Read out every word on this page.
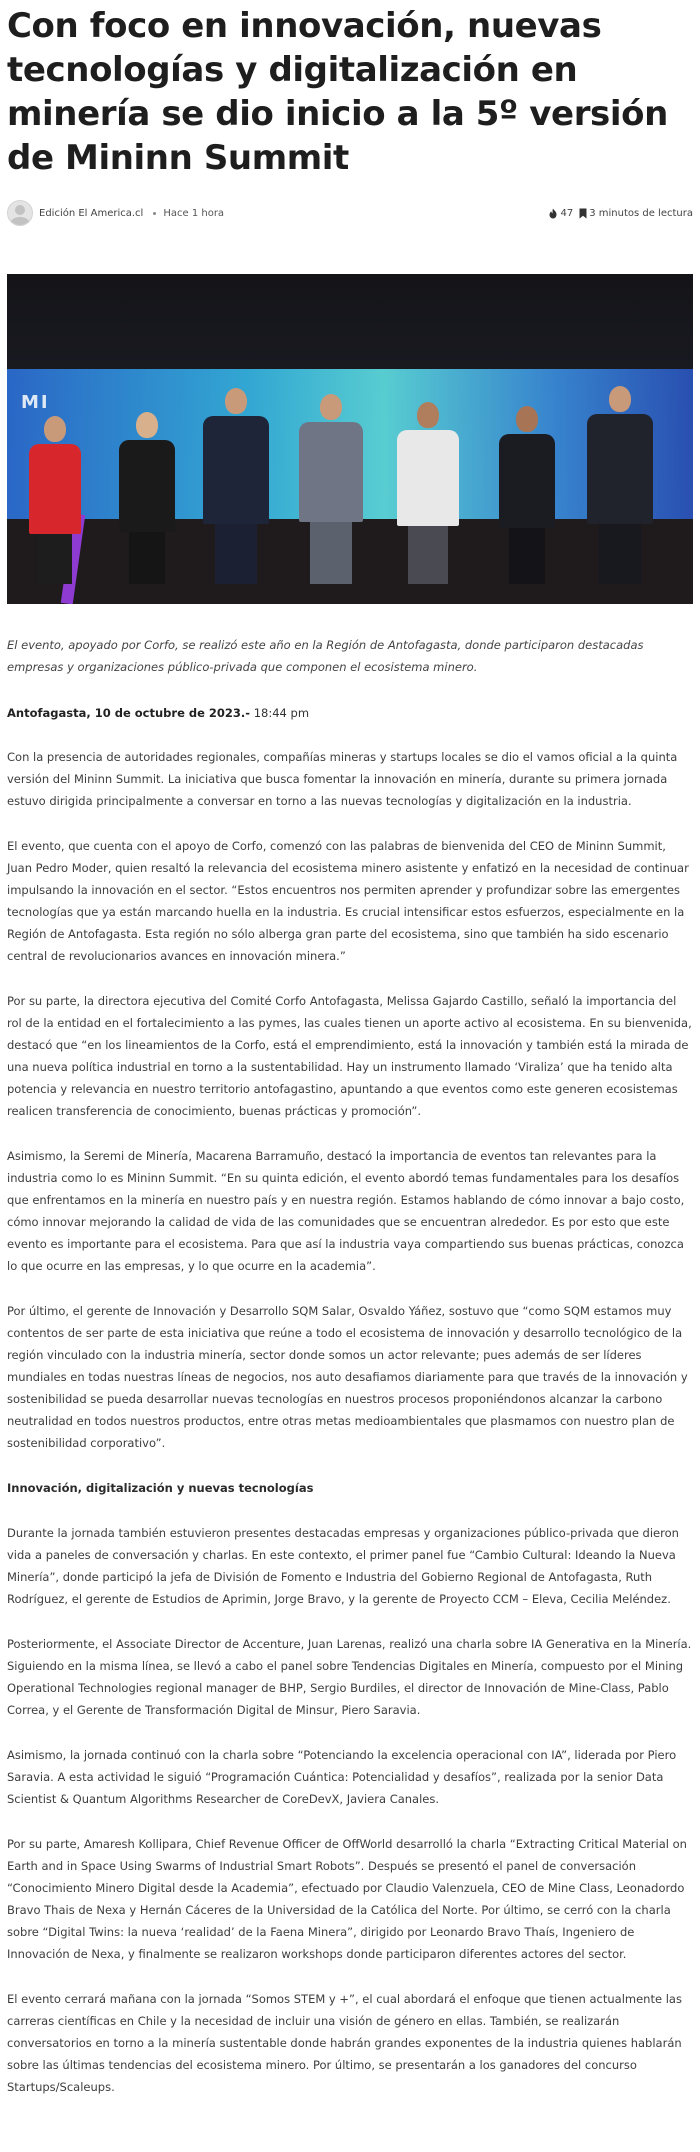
Con foco en innovación, nuevas tecnologías y digitalización en minería se dio inicio a la 5º versión de Mininn Summit
Edición El America.cl Hace 1 hora	47 3 minutos de lectura
MI

El evento, apoyado por Corfo, se realizó este año en la Región de Antofagasta, donde participaron destacadas empresas y organizaciones público-privada que componen el ecosistema minero.

Antofagasta, 10 de octubre de 2023.- 18:44 pm

Con la presencia de autoridades regionales, compañías mineras y startups locales se dio el vamos oficial a la quinta versión del Mininn Summit. La iniciativa que busca fomentar la innovación en minería, durante su primera jornada estuvo dirigida principalmente a conversar en torno a las nuevas tecnologías y digitalización en la industria.

El evento, que cuenta con el apoyo de Corfo, comenzó con las palabras de bienvenida del CEO de Mininn Summit, Juan Pedro Moder, quien resaltó la relevancia del ecosistema minero asistente y enfatizó en la necesidad de continuar impulsando la innovación en el sector. “Estos encuentros nos permiten aprender y profundizar sobre las emergentes tecnologías que ya están marcando huella en la industria. Es crucial intensificar estos esfuerzos, especialmente en la Región de Antofagasta. Esta región no sólo alberga gran parte del ecosistema, sino que también ha sido escenario central de revolucionarios avances en innovación minera.”

Por su parte, la directora ejecutiva del Comité Corfo Antofagasta, Melissa Gajardo Castillo, señaló la importancia del rol de la entidad en el fortalecimiento a las pymes, las cuales tienen un aporte activo al ecosistema. En su bienvenida, destacó que “en los lineamientos de la Corfo, está el emprendimiento, está la innovación y también está la mirada de una nueva política industrial en torno a la sustentabilidad. Hay un instrumento llamado ‘Viraliza’ que ha tenido alta potencia y relevancia en nuestro territorio antofagastino, apuntando a que eventos como este generen ecosistemas realicen transferencia de conocimiento, buenas prácticas y promoción”.

Asimismo, la Seremi de Minería, Macarena Barramuño, destacó la importancia de eventos tan relevantes para la industria como lo es Mininn Summit. “En su quinta edición, el evento abordó temas fundamentales para los desafíos que enfrentamos en la minería en nuestro país y en nuestra región. Estamos hablando de cómo innovar a bajo costo, cómo innovar mejorando la calidad de vida de las comunidades que se encuentran alrededor. Es por esto que este evento es importante para el ecosistema. Para que así la industria vaya compartiendo sus buenas prácticas, conozca lo que ocurre en las empresas, y lo que ocurre en la academia”.

Por último, el gerente de Innovación y Desarrollo SQM Salar, Osvaldo Yáñez, sostuvo que “como SQM estamos muy contentos de ser parte de esta iniciativa que reúne a todo el ecosistema de innovación y desarrollo tecnológico de la región vinculado con la industria minería, sector donde somos un actor relevante; pues además de ser líderes mundiales en todas nuestras líneas de negocios, nos auto desafiamos diariamente para que través de la innovación y sostenibilidad se pueda desarrollar nuevas tecnologías en nuestros procesos proponiéndonos alcanzar la carbono neutralidad en todos nuestros productos, entre otras metas medioambientales que plasmamos con nuestro plan de sostenibilidad corporativo”.

Innovación, digitalización y nuevas tecnologías

Durante la jornada también estuvieron presentes destacadas empresas y organizaciones público-privada que dieron vida a paneles de conversación y charlas. En este contexto, el primer panel fue “Cambio Cultural: Ideando la Nueva Minería”, donde participó la jefa de División de Fomento e Industria del Gobierno Regional de Antofagasta, Ruth Rodríguez, el gerente de Estudios de Aprimin, Jorge Bravo, y la gerente de Proyecto CCM – Eleva, Cecilia Meléndez.

Posteriormente, el Associate Director de Accenture, Juan Larenas, realizó una charla sobre IA Generativa en la Minería. Siguiendo en la misma línea, se llevó a cabo el panel sobre Tendencias Digitales en Minería, compuesto por el Mining Operational Technologies regional manager de BHP, Sergio Burdiles, el director de Innovación de Mine-Class, Pablo Correa, y el Gerente de Transformación Digital de Minsur, Piero Saravia.

Asimismo, la jornada continuó con la charla sobre “Potenciando la excelencia operacional con IA”, liderada por Piero Saravia. A esta actividad le siguió “Programación Cuántica: Potencialidad y desafíos”, realizada por la senior Data Scientist & Quantum Algorithms Researcher de CoreDevX, Javiera Canales.

Por su parte, Amaresh Kollipara, Chief Revenue Officer de OffWorld desarrolló la charla “Extracting Critical Material on Earth and in Space Using Swarms of Industrial Smart Robots”. Después se presentó el panel de conversación “Conocimiento Minero Digital desde la Academia”, efectuado por Claudio Valenzuela, CEO de Mine Class, Leonadordo Bravo Thais de Nexa y Hernán Cáceres de la Universidad de la Católica del Norte. Por último, se cerró con la charla sobre “Digital Twins: la nueva ‘realidad’ de la Faena Minera”, dirigido por Leonardo Bravo Thaís, Ingeniero de Innovación de Nexa, y finalmente se realizaron workshops donde participaron diferentes actores del sector.

El evento cerrará mañana con la jornada “Somos STEM y +”, el cual abordará el enfoque que tienen actualmente las carreras científicas en Chile y la necesidad de incluir una visión de género en ellas. También, se realizarán conversatorios en torno a la minería sustentable donde habrán grandes exponentes de la industria quienes hablarán sobre las últimas tendencias del ecosistema minero. Por último, se presentarán a los ganadores del concurso Startups/Scaleups.
